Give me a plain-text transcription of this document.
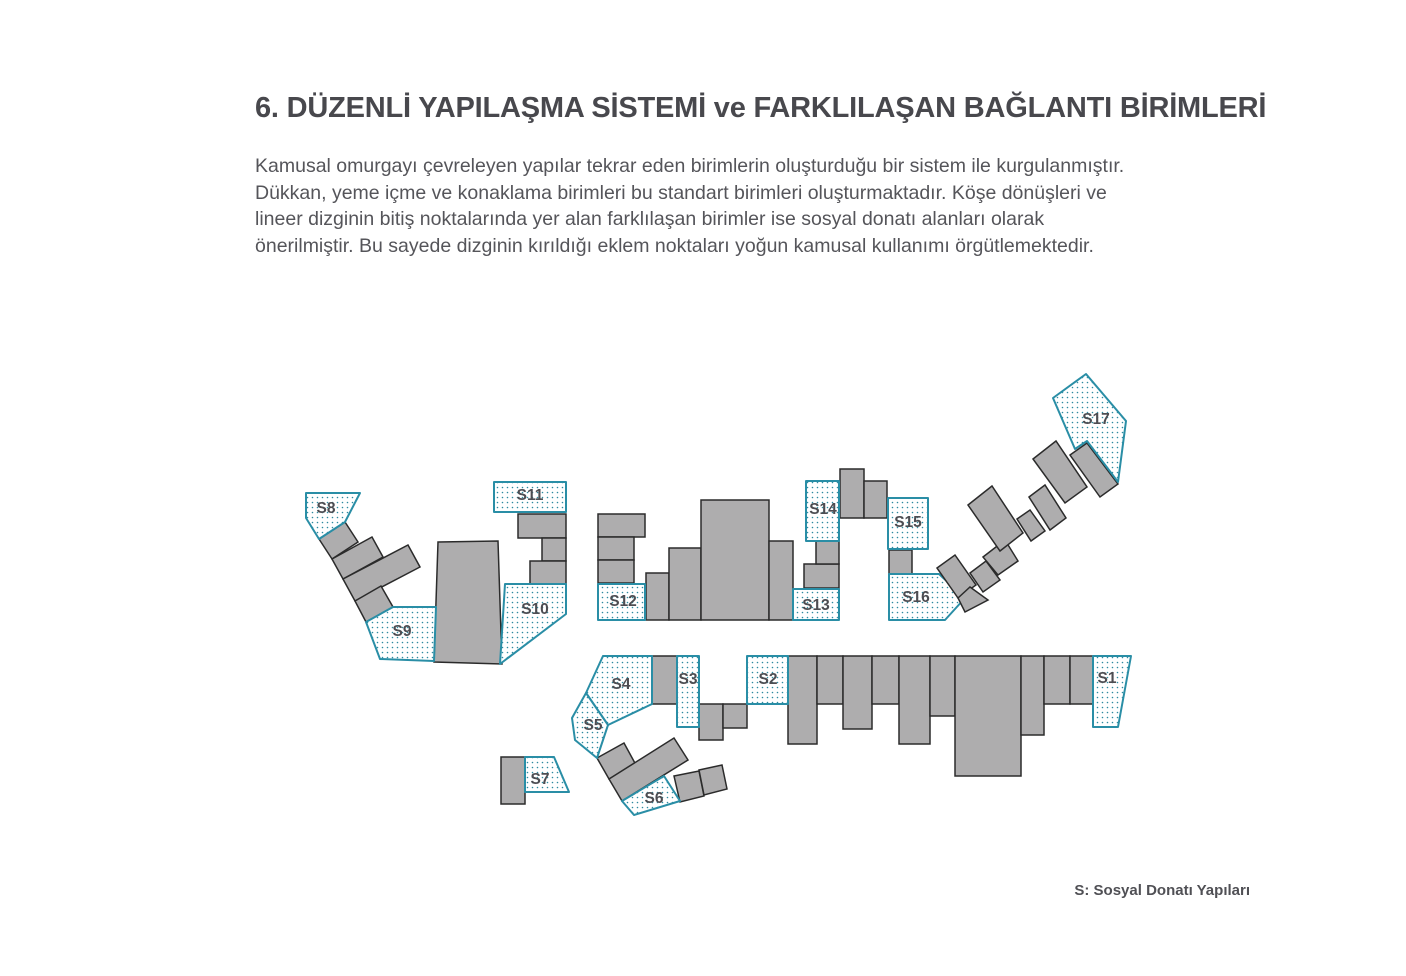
6. DÜZENLİ YAPILAŞMA SİSTEMİ ve FARKLILAŞAN BAĞLANTI BİRİMLERİ
Kamusal omurgayı çevreleyen yapılar tekrar eden birimlerin oluşturduğu bir sistem ile kurgulanmıştır.
Dükkan, yeme içme ve konaklama birimleri bu standart birimleri oluşturmaktadır. Köşe dönüşleri ve
lineer dizginin bitiş noktalarında yer alan farklılaşan birimler ise sosyal donatı alanları olarak
önerilmiştir. Bu sayede dizginin kırıldığı eklem noktaları yoğun kamusal kullanımı örgütlemektedir.
S8
S9
S10
S11
S12	S13
S14
S15
S16
S17
S1
S2
S3
S4
S5
S6
S7

S: Sosyal Donatı Yapıları
